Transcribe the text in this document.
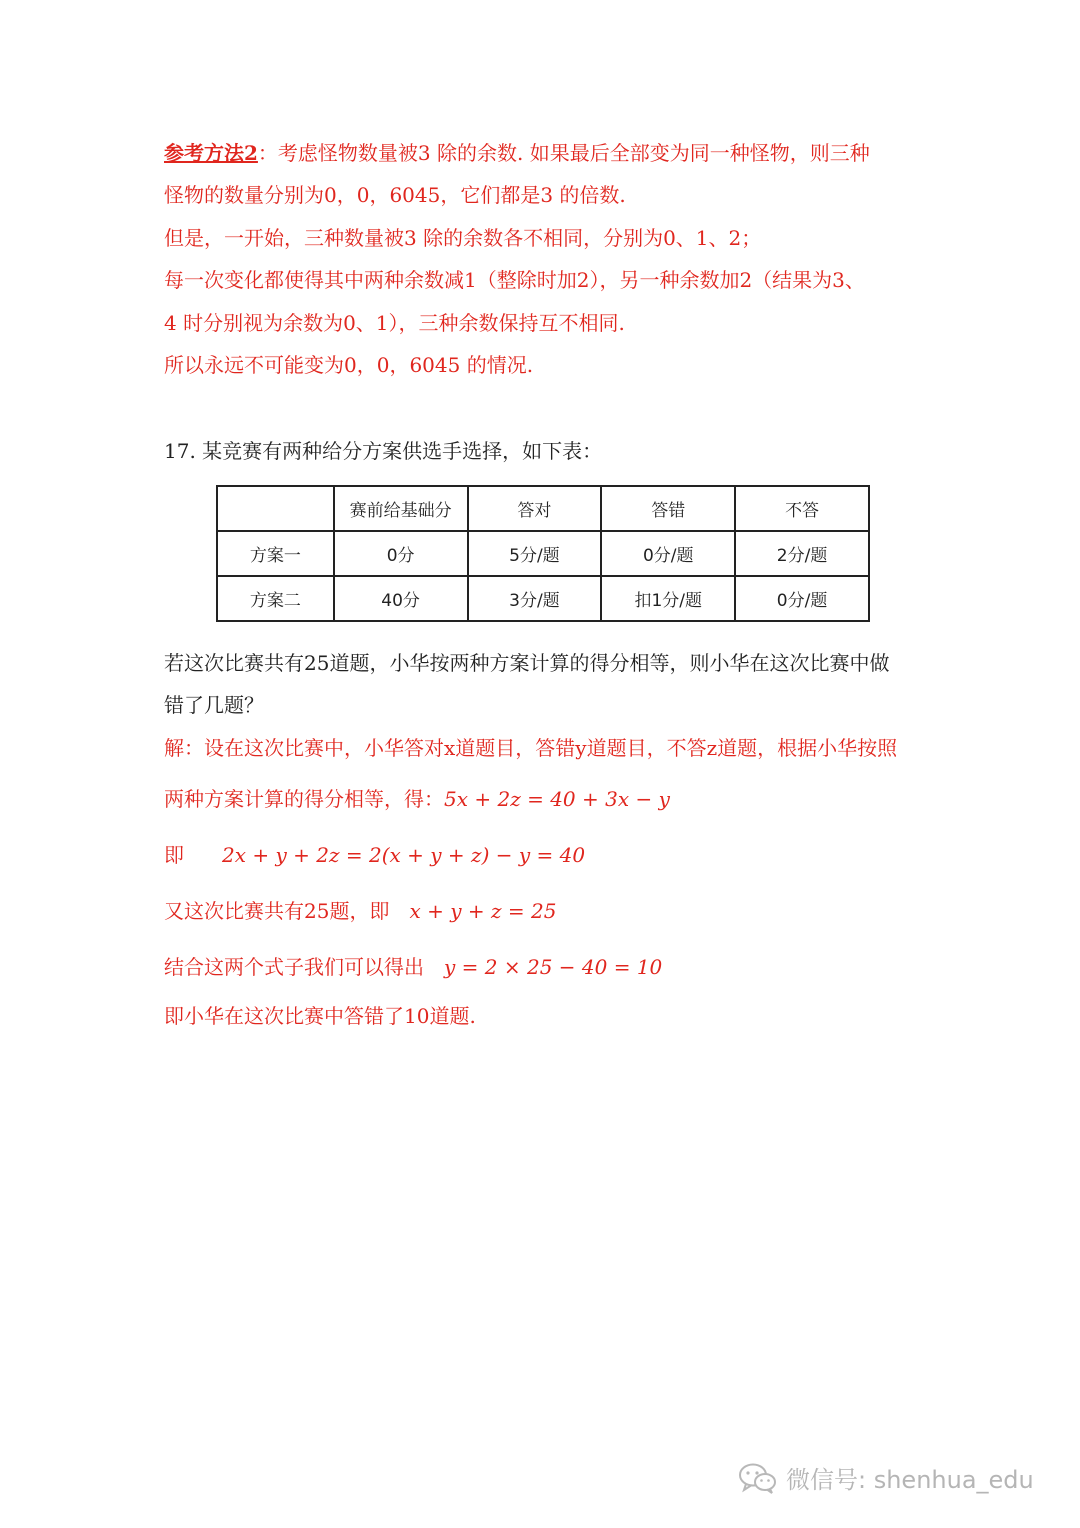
参考方法2：考虑怪物数量被3 除的余数. 如果最后全部变为同一种怪物，则三种
怪物的数量分别为0，0，6045，它们都是3 的倍数.
但是，一开始，三种数量被3 除的余数各不相同，分别为0、1、2；
每一次变化都使得其中两种余数减1（整除时加2），另一种余数加2（结果为3、
4 时分别视为余数为0、1），三种余数保持互不相同.
所以永远不可能变为0，0，6045 的情况.
17. 某竞赛有两种给分方案供选手选择，如下表：
	赛前给基础分	答对	答错	不答
方案一	0分	5分/题	0分/题	2分/题
方案二	40分	3分/题	扣1分/题	0分/题
若这次比赛共有25道题，小华按两种方案计算的得分相等，则小华在这次比赛中做
错了几题？
解：设在这次比赛中，小华答对x道题目，答错y道题目，不答z道题，根据小华按照
两种方案计算的得分相等，得：5x + 2z = 40 + 3x − y
即　2x + y + 2z = 2(x + y + z) − y = 40
又这次比赛共有25题，即　x + y + z = 25
结合这两个式子我们可以得出　y = 2 × 25 − 40 = 10
即小华在这次比赛中答错了10道题.
微信号: shenhua_edu
